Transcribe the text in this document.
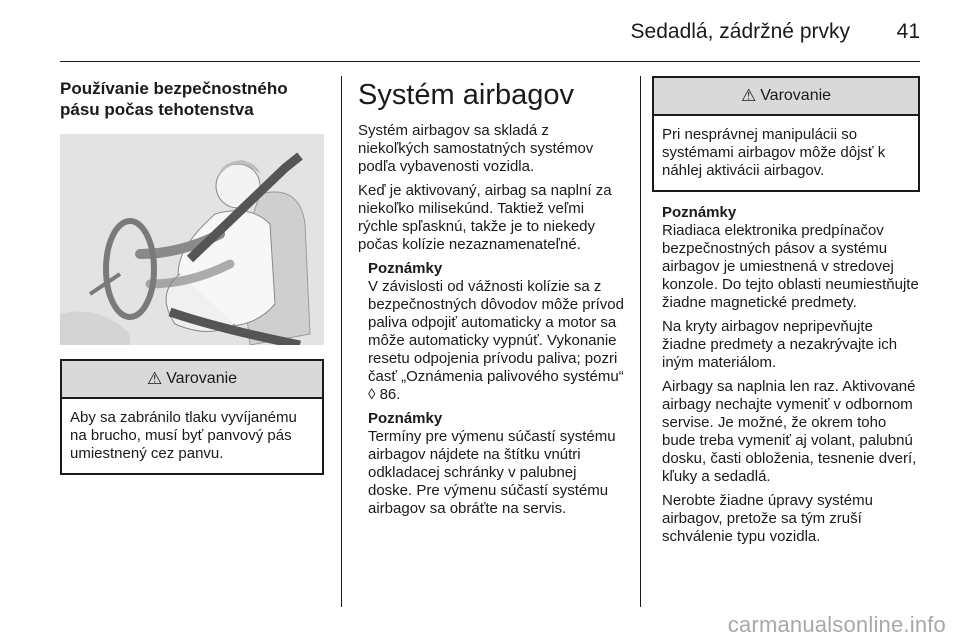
Sedadlá, zádržné prvky 41
Používanie bezpečnostného pásu počas tehotenstva
⚠ Varovanie
Aby sa zabránilo tlaku vyvíjanému na brucho, musí byť panvový pás umiestnený cez panvu.
Systém airbagov

Systém airbagov sa skladá z niekoľkých samostatných systémov podľa vybavenosti vozidla.

Keď je aktivovaný, airbag sa naplní za niekoľko milisekúnd. Taktiež veľmi rýchle spľasknú, takže je to niekedy počas kolízie nezaznamenateľné.

Poznámky

V závislosti od vážnosti kolízie sa z bezpečnostných dôvodov môže prívod paliva odpojiť automaticky a motor sa môže automaticky vypnúť. Vykonanie resetu odpojenia prívodu paliva; pozri časť „Oznámenia palivového systému“ ◊ 86.

Poznámky

Termíny pre výmenu súčastí systému airbagov nájdete na štítku vnútri odkladacej schránky v palubnej doske. Pre výmenu súčastí systému airbagov sa obráťte na servis.

⚠ Varovanie
Pri nesprávnej manipulácii so systémami airbagov môže dôjsť k náhlej aktivácii airbagov.
Poznámky

Riadiaca elektronika predpínačov bezpečnostných pásov a systému airbagov je umiestnená v stredovej konzole. Do tejto oblasti neumiestňujte žiadne magnetické predmety.

Na kryty airbagov nepripevňujte žiadne predmety a nezakrývajte ich iným materiálom.

Airbagy sa naplnia len raz. Aktivované airbagy nechajte vymeniť v odbornom servise. Je možné, že okrem toho bude treba vymeniť aj volant, palubnú dosku, časti obloženia, tesnenie dverí, kľuky a sedadlá.

Nerobte žiadne úpravy systému airbagov, pretože sa tým zruší schválenie typu vozidla.

carmanualsonline.info
